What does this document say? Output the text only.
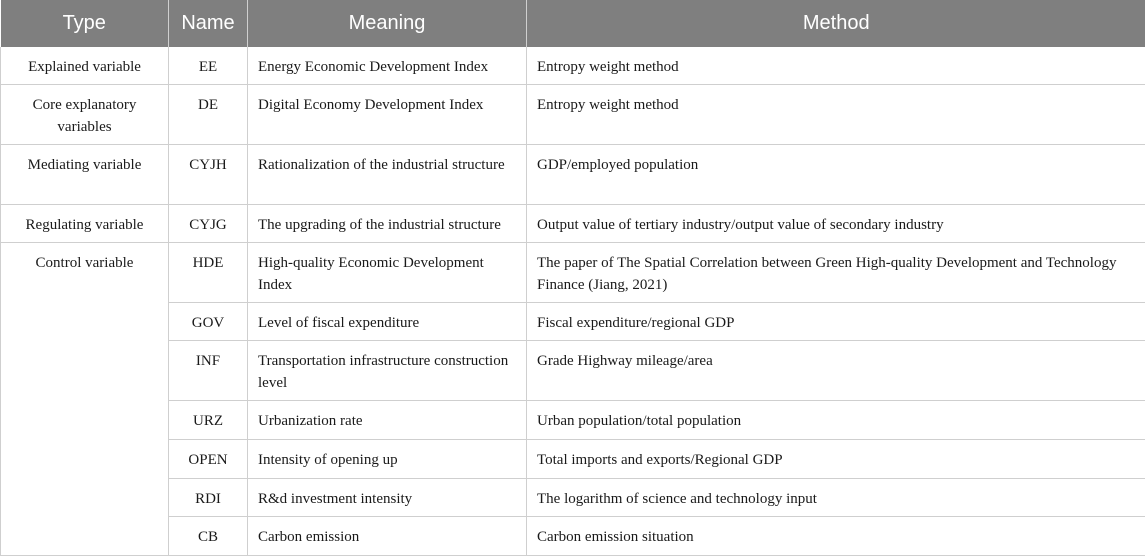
Type	Name	Meaning	Method
Explained variable	EE	Energy Economic Development Index	Entropy weight method
Core explanatory variables	DE	Digital Economy Development Index	Entropy weight method
Mediating variable	CYJH	Rationalization of the industrial structure	GDP/employed population
Regulating variable	CYJG	The upgrading of the industrial structure	Output value of tertiary industry/output value of secondary industry
Control variable	HDE	High-quality Economic Development Index	The paper of The Spatial Correlation between Green High-quality Development and Technology Finance (Jiang, 2021)
	GOV	Level of fiscal expenditure	Fiscal expenditure/regional GDP
	INF	Transportation infrastructure construction level	Grade Highway mileage/area
	URZ	Urbanization rate	Urban population/total population
	OPEN	Intensity of opening up	Total imports and exports/Regional GDP
	RDI	R&d investment intensity	The logarithm of science and technology input
	CB	Carbon emission	Carbon emission situation
